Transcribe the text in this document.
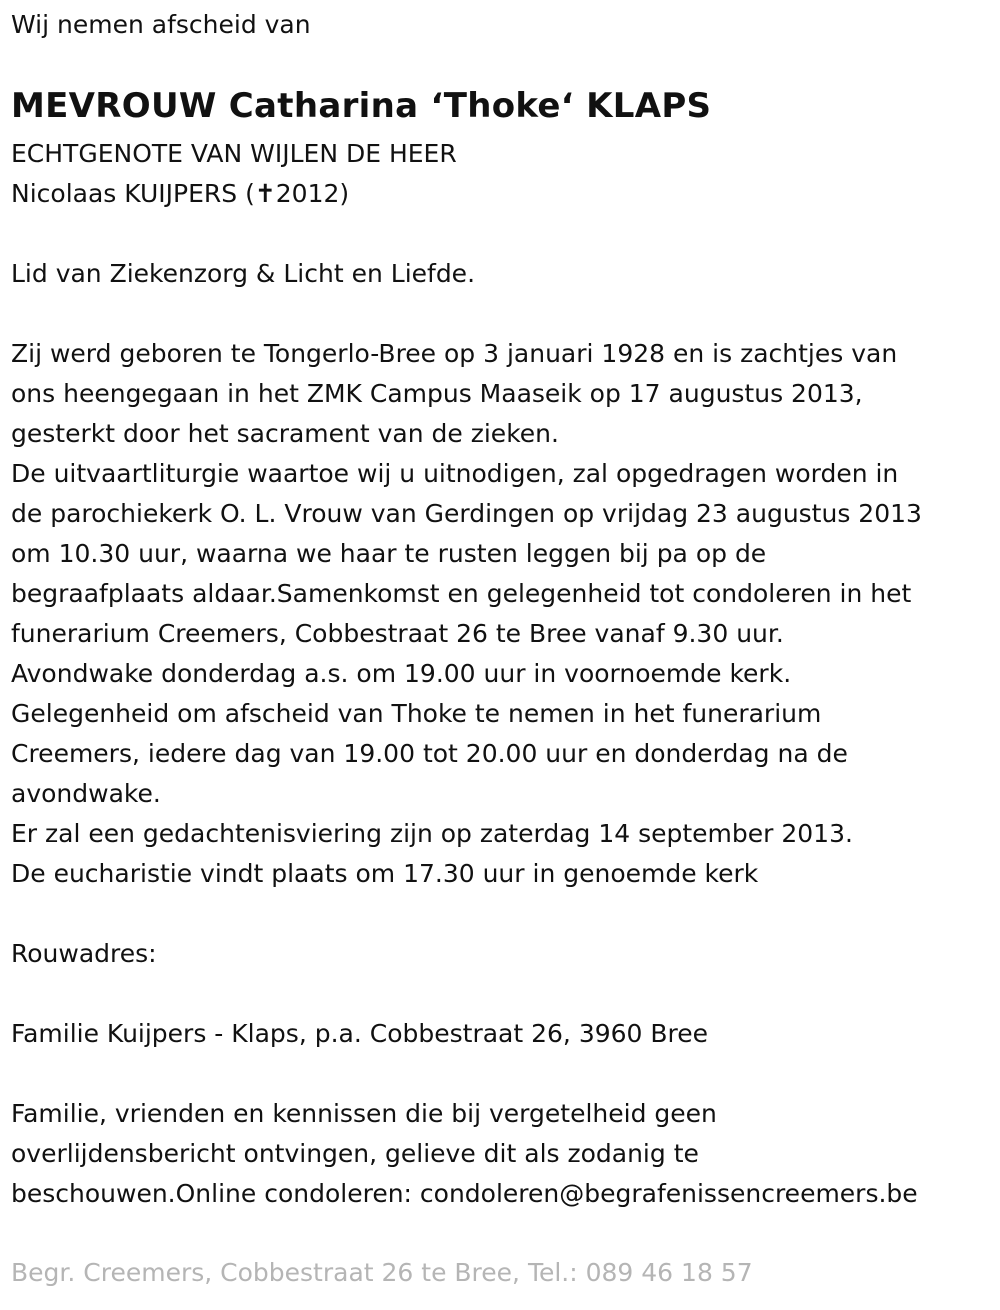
Wij nemen afscheid van

MEVROUW Catharina ‘Thoke‘ KLAPS

ECHTGENOTE VAN WIJLEN DE HEER

Nicolaas KUIJPERS (✝2012)

Lid van Ziekenzorg & Licht en Liefde.

Zij werd geboren te Tongerlo-Bree op 3 januari 1928 en is zachtjes van

ons heengegaan in het ZMK Campus Maaseik op 17 augustus 2013,

gesterkt door het sacrament van de zieken.

De uitvaartliturgie waartoe wij u uitnodigen, zal opgedragen worden in

de parochiekerk O. L. Vrouw van Gerdingen op vrijdag 23 augustus 2013

om 10.30 uur, waarna we haar te rusten leggen bij pa op de

begraafplaats aldaar.Samenkomst en gelegenheid tot condoleren in het

funerarium Creemers, Cobbestraat 26 te Bree vanaf 9.30 uur.

Avondwake donderdag a.s. om 19.00 uur in voornoemde kerk.

Gelegenheid om afscheid van Thoke te nemen in het funerarium

Creemers, iedere dag van 19.00 tot 20.00 uur en donderdag na de

avondwake.

Er zal een gedachtenisviering zijn op zaterdag 14 september 2013.

De eucharistie vindt plaats om 17.30 uur in genoemde kerk

Rouwadres:

Familie Kuijpers - Klaps, p.a. Cobbestraat 26, 3960 Bree

Familie, vrienden en kennissen die bij vergetelheid geen

overlijdensbericht ontvingen, gelieve dit als zodanig te

beschouwen.Online condoleren: condoleren@begrafenissencreemers.be

Begr. Creemers, Cobbestraat 26 te Bree, Tel.: 089 46 18 57
